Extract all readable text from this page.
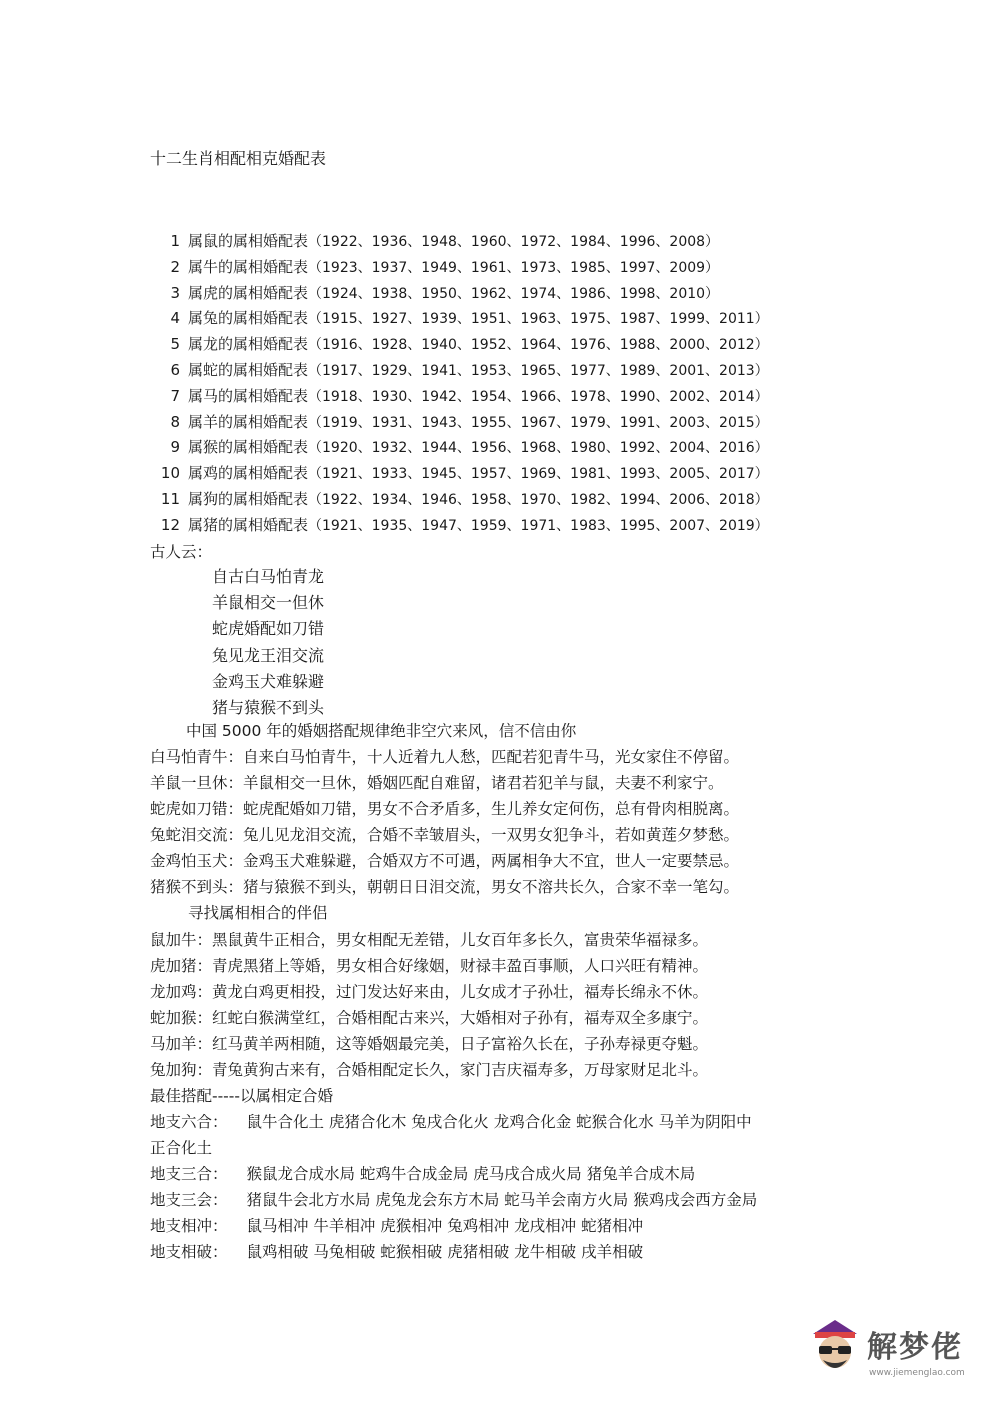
十二生肖相配相克婚配表
1 属鼠的属相婚配表（1922、1936、1948、1960、1972、1984、1996、2008）
2 属牛的属相婚配表（1923、1937、1949、1961、1973、1985、1997、2009）
3 属虎的属相婚配表（1924、1938、1950、1962、1974、1986、1998、2010）
4 属兔的属相婚配表（1915、1927、1939、1951、1963、1975、1987、1999、2011）
5 属龙的属相婚配表（1916、1928、1940、1952、1964、1976、1988、2000、2012）
6 属蛇的属相婚配表（1917、1929、1941、1953、1965、1977、1989、2001、2013）
7 属马的属相婚配表（1918、1930、1942、1954、1966、1978、1990、2002、2014）
8 属羊的属相婚配表（1919、1931、1943、1955、1967、1979、1991、2003、2015）
9 属猴的属相婚配表（1920、1932、1944、1956、1968、1980、1992、2004、2016）
10 属鸡的属相婚配表（1921、1933、1945、1957、1969、1981、1993、2005、2017）
11 属狗的属相婚配表（1922、1934、1946、1958、1970、1982、1994、2006、2018）
12 属猪的属相婚配表（1921、1935、1947、1959、1971、1983、1995、2007、2019）
古人云：
自古白马怕青龙
羊鼠相交一但休
蛇虎婚配如刀错
兔见龙王泪交流
金鸡玉犬难躲避
猪与猿猴不到头
中国 5000 年的婚姻搭配规律绝非空穴来风，信不信由你
白马怕青牛：自来白马怕青牛，十人近着九人愁，匹配若犯青牛马，光女家住不停留。
羊鼠一旦休：羊鼠相交一旦休，婚姻匹配自难留，诸君若犯羊与鼠，夫妻不利家宁。
蛇虎如刀错：蛇虎配婚如刀错，男女不合矛盾多，生儿养女定何伤，总有骨肉相脱离。
兔蛇泪交流：兔儿见龙泪交流，合婚不幸皱眉头，一双男女犯争斗，若如黄莲夕梦愁。
金鸡怕玉犬：金鸡玉犬难躲避，合婚双方不可遇，两属相争大不宜，世人一定要禁忌。
猪猴不到头：猪与猿猴不到头，朝朝日日泪交流，男女不溶共长久，合家不幸一笔勾。
寻找属相相合的伴侣
鼠加牛：黑鼠黄牛正相合，男女相配无差错，儿女百年多长久，富贵荣华福禄多。
虎加猪：青虎黑猪上等婚，男女相合好缘姻，财禄丰盈百事顺，人口兴旺有精神。
龙加鸡：黄龙白鸡更相投，过门发达好来由，儿女成才子孙壮，福寿长绵永不休。
蛇加猴：红蛇白猴满堂红，合婚相配古来兴，大婚相对子孙有，福寿双全多康宁。
马加羊：红马黄羊两相随，这等婚姻最完美，日子富裕久长在，子孙寿禄更夺魁。
兔加狗：青兔黄狗古来有，合婚相配定长久，家门吉庆福寿多，万母家财足北斗。
最佳搭配-----以属相定合婚
地支六合： 鼠牛合化土 虎猪合化木 兔戌合化火 龙鸡合化金 蛇猴合化水 马羊为阴阳中
正合化土
地支三合： 猴鼠龙合成水局 蛇鸡牛合成金局 虎马戌合成火局 猪兔羊合成木局
地支三会： 猪鼠牛会北方水局 虎兔龙会东方木局 蛇马羊会南方火局 猴鸡戌会西方金局
地支相冲： 鼠马相冲 牛羊相冲 虎猴相冲 兔鸡相冲 龙戌相冲 蛇猪相冲
地支相破： 鼠鸡相破 马兔相破 蛇猴相破 虎猪相破 龙牛相破 戌羊相破
解梦佬
www.jiemenglao.com
